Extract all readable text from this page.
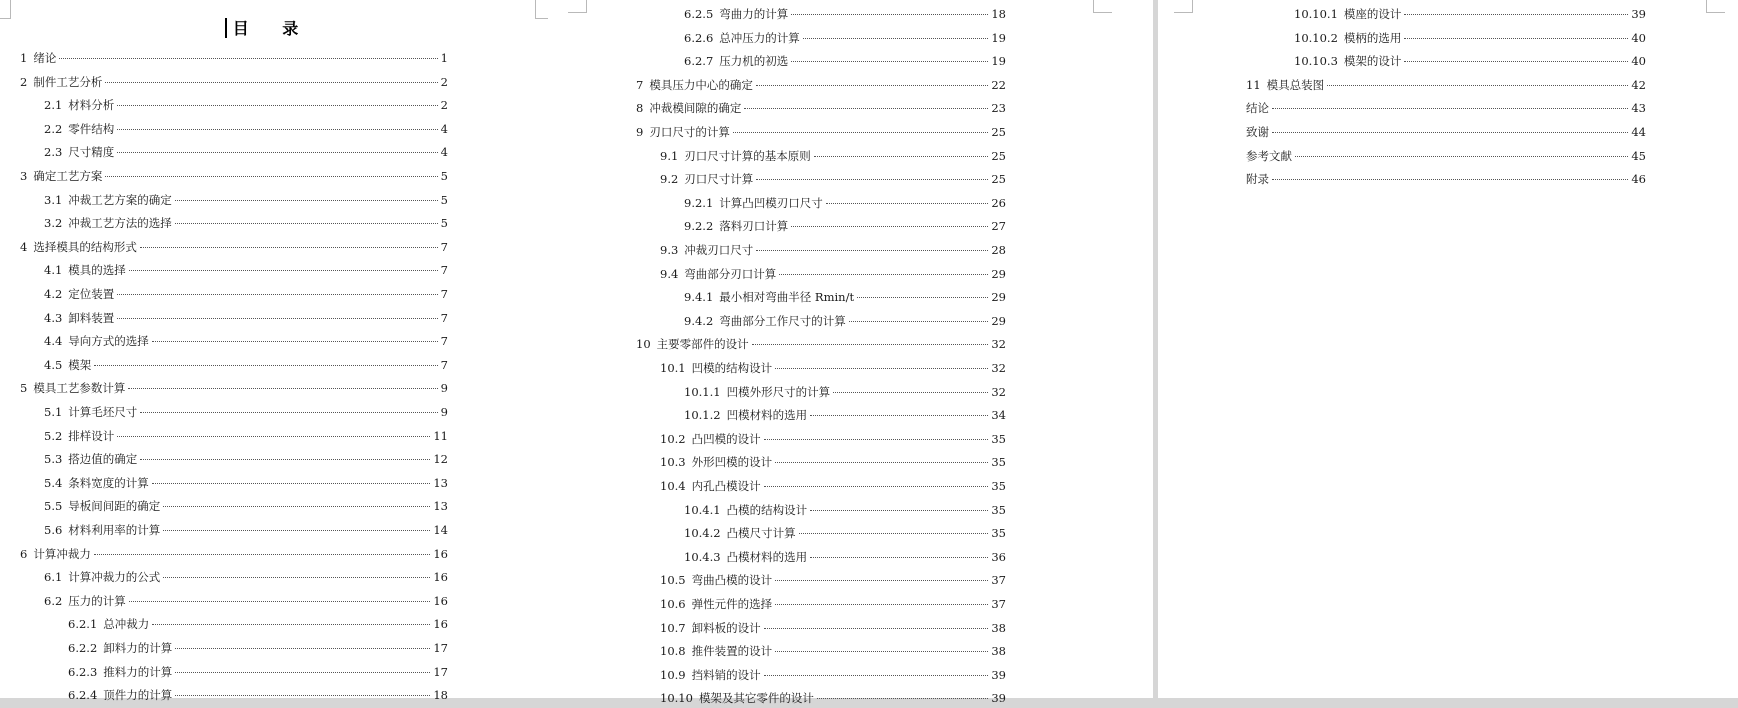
目 录
1 绪论	1
2 制件工艺分析	2
2.1 材料分析	2
2.2 零件结构	4
2.3 尺寸精度	4
3 确定工艺方案	5
3.1 冲裁工艺方案的确定	5
3.2 冲裁工艺方法的选择	5
4 选择模具的结构形式	7
4.1 模具的选择	7
4.2 定位装置	7
4.3 卸料装置	7
4.4 导向方式的选择	7
4.5 模架	7
5 模具工艺参数计算	9
5.1 计算毛坯尺寸	9
5.2 排样设计	11
5.3 搭边值的确定	12
5.4 条料宽度的计算	13
5.5 导板间间距的确定	13
5.6 材料利用率的计算	14
6 计算冲裁力	16
6.1 计算冲裁力的公式	16
6.2 压力的计算	16
6.2.1 总冲裁力	16
6.2.2 卸料力的计算	17
6.2.3 推料力的计算	17
6.2.4 顶件力的计算	18
6.2.5 弯曲力的计算	18
6.2.6 总冲压力的计算	19
6.2.7 压力机的初选	19
7 模具压力中心的确定	22
8 冲裁模间隙的确定	23
9 刃口尺寸的计算	25
9.1 刃口尺寸计算的基本原则	25
9.2 刃口尺寸计算	25
9.2.1 计算凸凹模刃口尺寸	26
9.2.2 落料刃口计算	27
9.3 冲裁刃口尺寸	28
9.4 弯曲部分刃口计算	29
9.4.1 最小相对弯曲半径 Rmin/t	29
9.4.2 弯曲部分工作尺寸的计算	29
10 主要零部件的设计	32
10.1 凹模的结构设计	32
10.1.1 凹模外形尺寸的计算	32
10.1.2 凹模材料的选用	34
10.2 凸凹模的设计	35
10.3 外形凹模的设计	35
10.4 内孔凸模设计	35
10.4.1 凸模的结构设计	35
10.4.2 凸模尺寸计算	35
10.4.3 凸模材料的选用	36
10.5 弯曲凸模的设计	37
10.6 弹性元件的选择	37
10.7 卸料板的设计	38
10.8 推件装置的设计	38
10.9 挡料销的设计	39
10.10 模架及其它零件的设计	39
10.10.1 模座的设计	39
10.10.2 模柄的选用	40
10.10.3 模架的设计	40
11 模具总装图	42
结论	43
致谢	44
参考文献	45
附录	46
